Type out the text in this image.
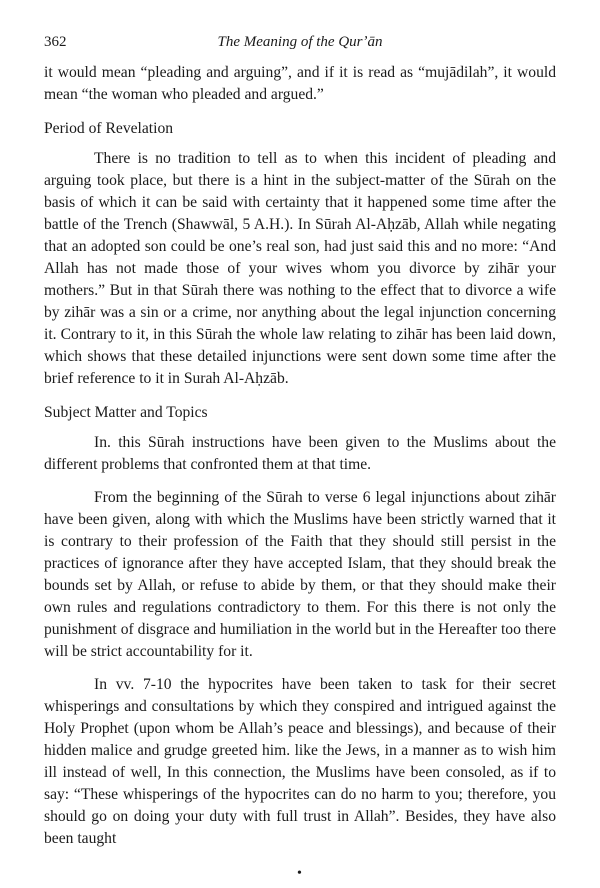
362	The Meaning of the Qurʼān

it would mean “pleading and arguing”, and if it is read as “mujādilah”, it would mean “the woman who pleaded and argued.”

Period of Revelation

There is no tradition to tell as to when this incident of pleading and arguing took place, but there is a hint in the subject-matter of the Sūrah on the basis of which it can be said with certainty that it happened some time after the battle of the Trench (Shawwāl, 5 A.H.). In Sūrah Al-Aḥzāb, Allah while negating that an adopted son could be one’s real son, had just said this and no more: “And Allah has not made those of your wives whom you divorce by zihār your mothers.” But in that Sūrah there was nothing to the effect that to divorce a wife by zihār was a sin or a crime, nor anything about the legal injunction concerning it. Contrary to it, in this Sūrah the whole law relating to zihār has been laid down, which shows that these detailed injunctions were sent down some time after the brief reference to it in Surah Al-Aḥzāb.

Subject Matter and Topics

In. this Sūrah instructions have been given to the Muslims about the different problems that confronted them at that time.

From the beginning of the Sūrah to verse 6 legal injunctions about zihār have been given, along with which the Muslims have been strictly warned that it is contrary to their profession of the Faith that they should still persist in the practices of ignorance after they have accepted Islam, that they should break the bounds set by Allah, or refuse to abide by them, or that they should make their own rules and regulations contradictory to them. For this there is not only the punishment of disgrace and humiliation in the world but in the Hereafter too there will be strict accountability for it.

In vv. 7-10 the hypocrites have been taken to task for their secret whisperings and consultations by which they conspired and intrigued against the Holy Prophet (upon whom be Allah’s peace and blessings), and because of their hidden malice and grudge greeted him. like the Jews, in a manner as to wish him ill instead of well, In this connection, the Muslims have been consoled, as if to say: “These whisperings of the hypocrites can do no harm to you; therefore, you should go on doing your duty with full trust in Allah”. Besides, they have also been taught

•
